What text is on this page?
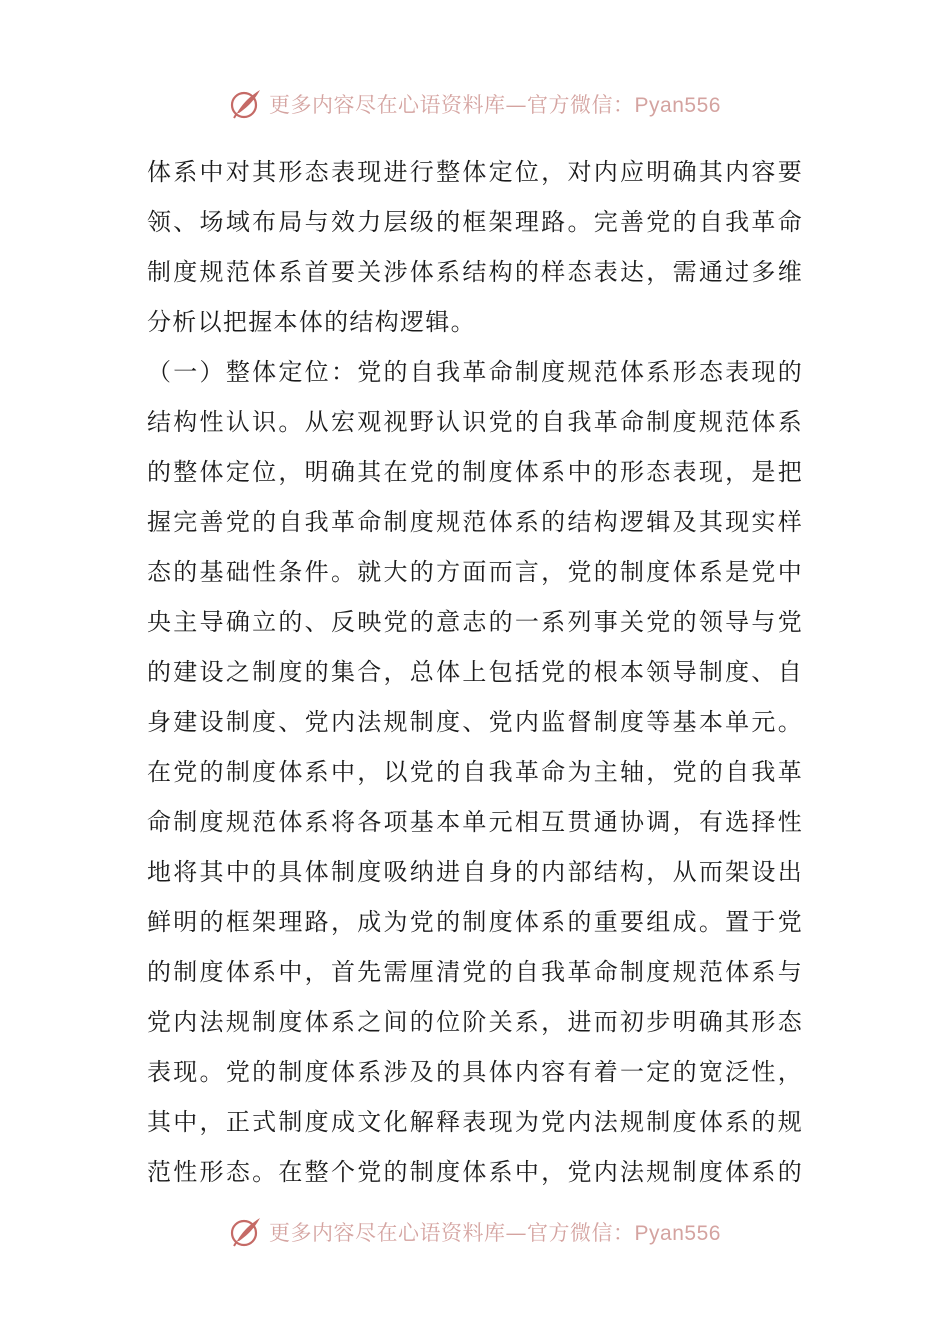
更多内容尽在心语资料库—官方微信：Pyan556
体系中对其形态表现进行整体定位，对内应明确其内容要
领、场域布局与效力层级的框架理路。完善党的自我革命
制度规范体系首要关涉体系结构的样态表达，需通过多维
分析以把握本体的结构逻辑。
（一）整体定位：党的自我革命制度规范体系形态表现的
结构性认识。从宏观视野认识党的自我革命制度规范体系
的整体定位，明确其在党的制度体系中的形态表现，是把
握完善党的自我革命制度规范体系的结构逻辑及其现实样
态的基础性条件。就大的方面而言，党的制度体系是党中
央主导确立的、反映党的意志的一系列事关党的领导与党
的建设之制度的集合，总体上包括党的根本领导制度、自
身建设制度、党内法规制度、党内监督制度等基本单元。
在党的制度体系中，以党的自我革命为主轴，党的自我革
命制度规范体系将各项基本单元相互贯通协调，有选择性
地将其中的具体制度吸纳进自身的内部结构，从而架设出
鲜明的框架理路，成为党的制度体系的重要组成。置于党
的制度体系中，首先需厘清党的自我革命制度规范体系与
党内法规制度体系之间的位阶关系，进而初步明确其形态
表现。党的制度体系涉及的具体内容有着一定的宽泛性，
其中，正式制度成文化解释表现为党内法规制度体系的规
范性形态。在整个党的制度体系中，党内法规制度体系的
更多内容尽在心语资料库—官方微信：Pyan556
